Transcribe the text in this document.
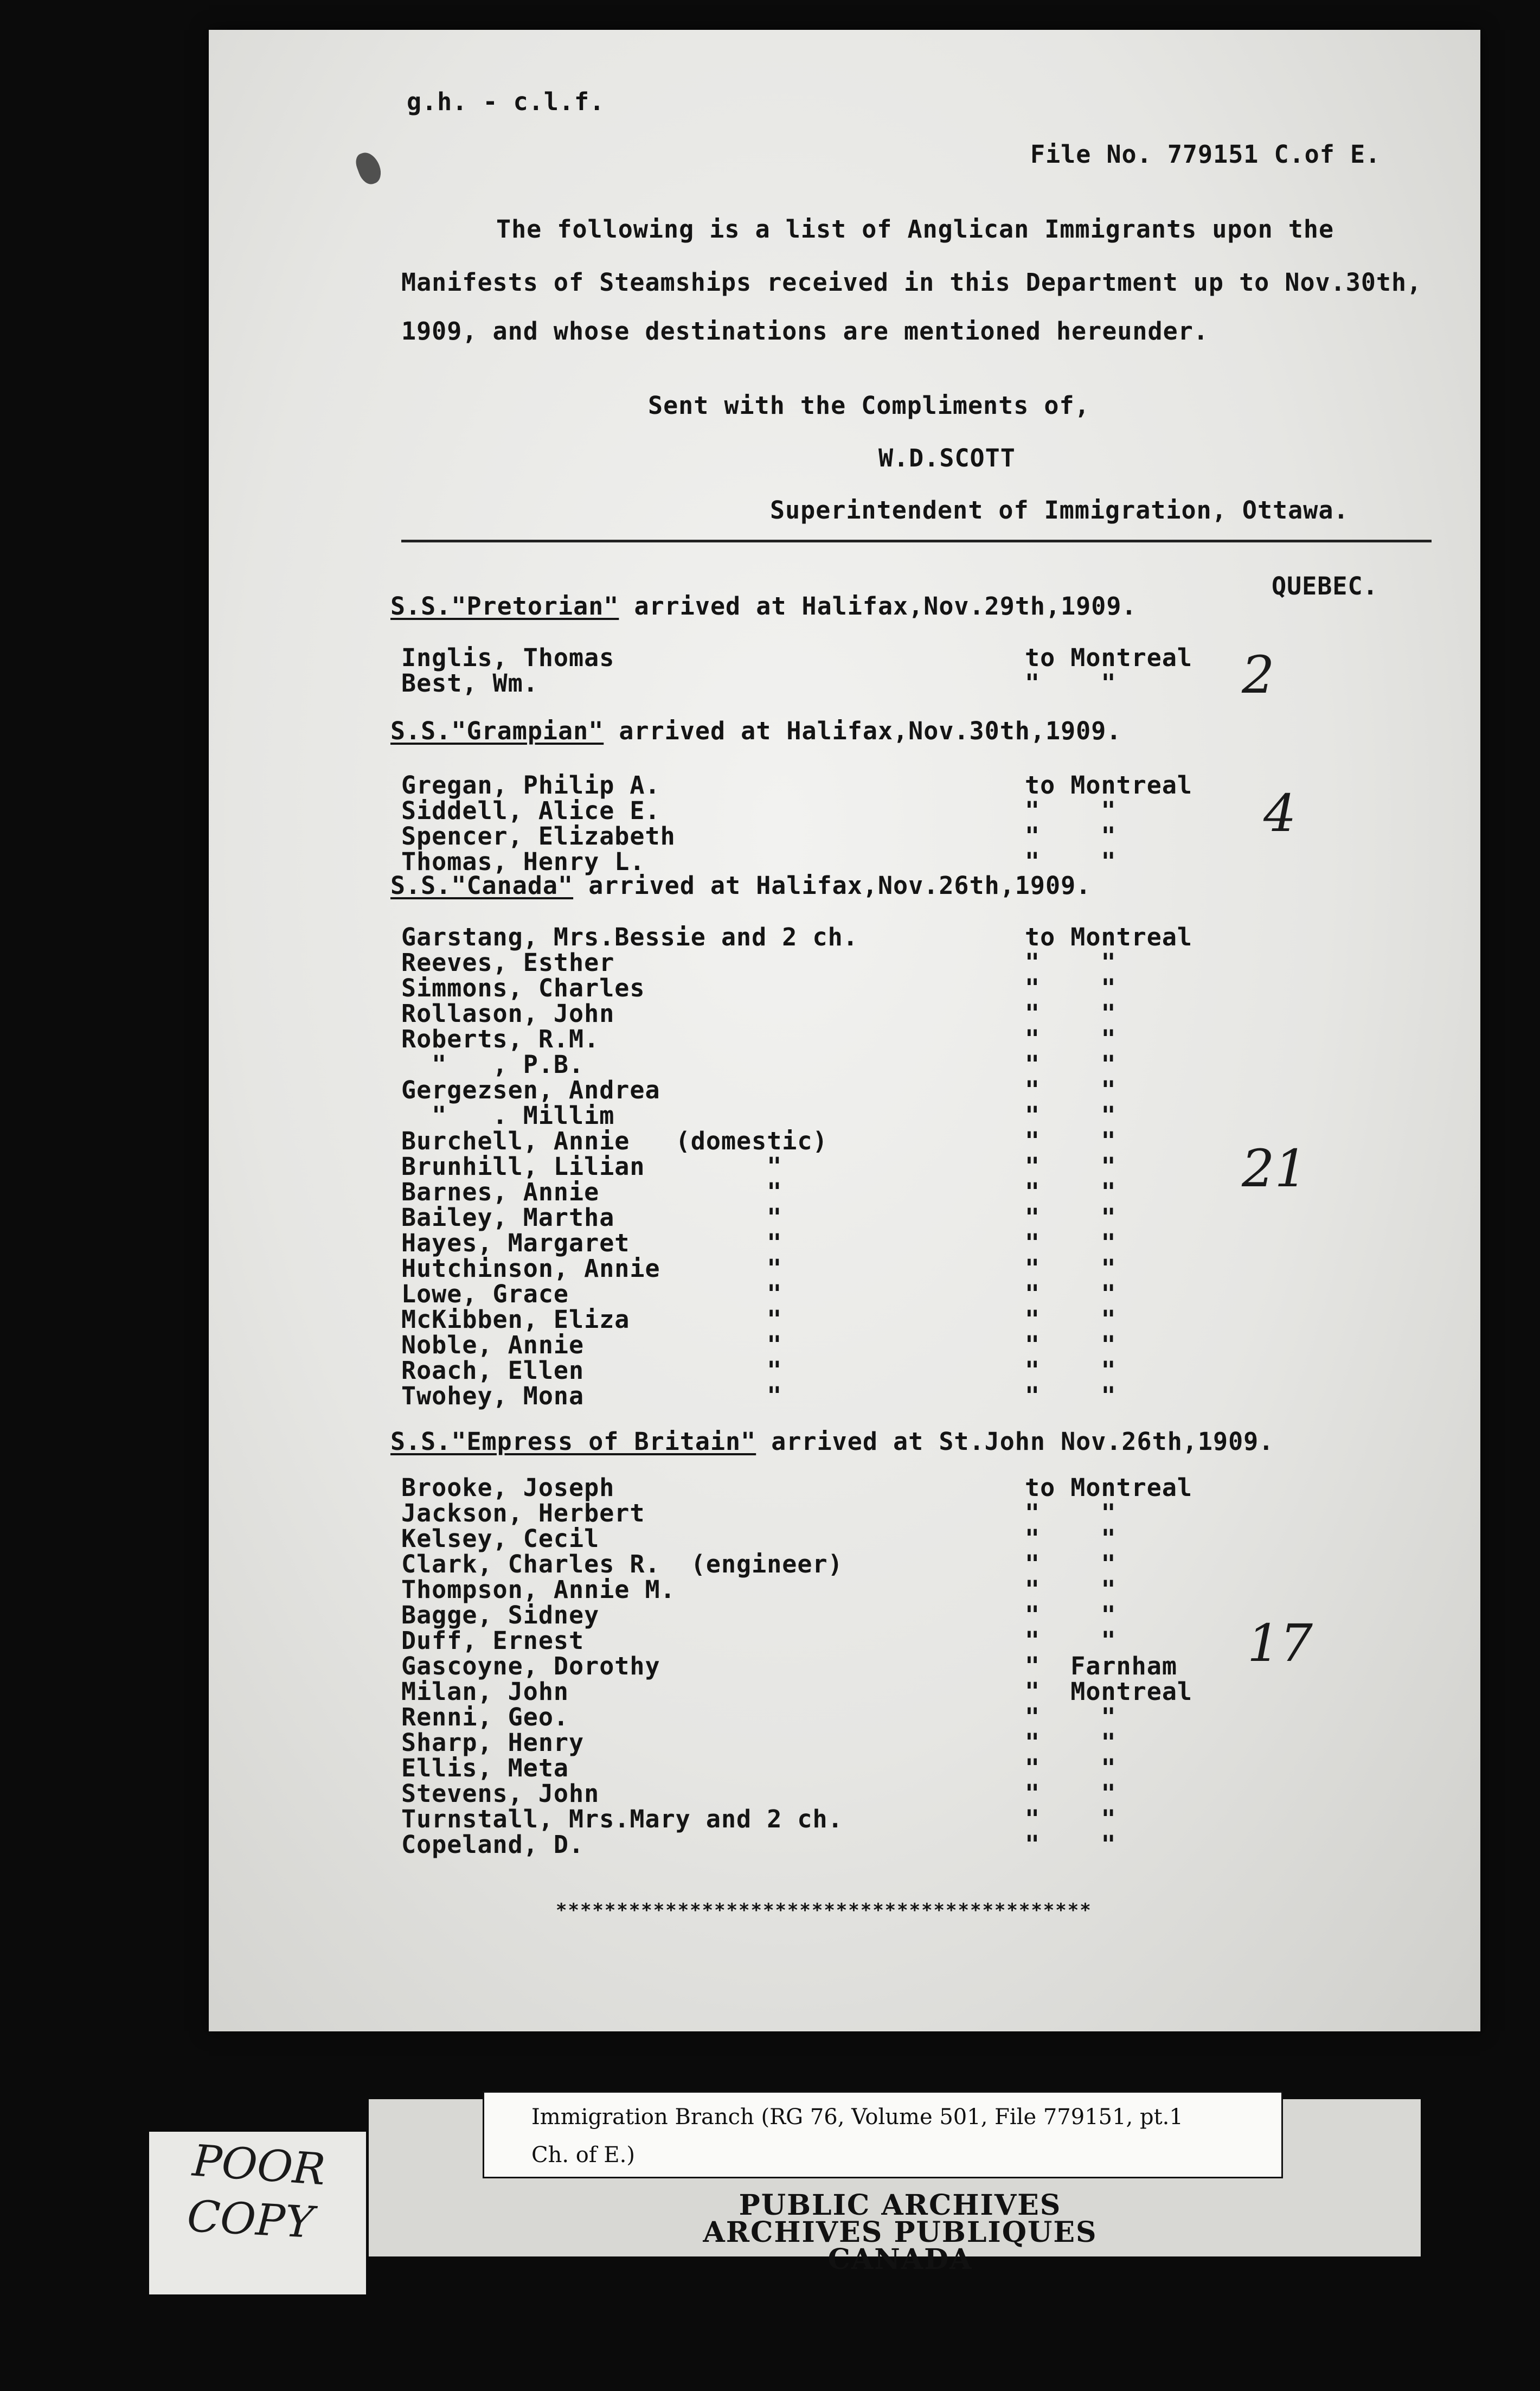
g.h. - c.l.f.
File No. 779151 C.of E.
The following is a list of Anglican Immigrants upon the
Manifests of Steamships received in this Department up to Nov.30th,
1909, and whose destinations are mentioned hereunder.
Sent with the Compliments of,
W.D.SCOTT
Superintendent of Immigration, Ottawa.
QUEBEC.
S.S."Pretorian" arrived at Halifax,Nov.29th,1909.
Inglis, Thomas
Best, Wm.
to Montreal
"    " 2
S.S."Grampian" arrived at Halifax,Nov.30th,1909.
Gregan, Philip A.
Siddell, Alice E.
Spencer, Elizabeth
Thomas, Henry L.
to Montreal
"    "
"    "
"    "
4
S.S."Canada" arrived at Halifax,Nov.26th,1909.
Garstang, Mrs.Bessie and 2 ch.
Reeves, Esther
Simmons, Charles
Rollason, John
Roberts, R.M.
"   , P.B.
Gergezsen, Andrea
"   . Millim
Burchell, Annie   (domestic)
Brunhill, Lilian        "
Barnes, Annie           "
Bailey, Martha          "
Hayes, Margaret         "
Hutchinson, Annie       "
Lowe, Grace             "
McKibben, Eliza         "
Noble, Annie            "
Roach, Ellen            "
Twohey, Mona            "
to Montreal
"    "
"    "
"    "
"    "
"    "
"    "
"    "
"    "
"    "
"    "
"    "
"    "
"    "
"    "
"    "
"    "
"    "
"    "
21
S.S."Empress of Britain" arrived at St.John Nov.26th,1909.
Brooke, Joseph
Jackson, Herbert
Kelsey, Cecil
Clark, Charles R.  (engineer)
Thompson, Annie M.
Bagge, Sidney
Duff, Ernest
Gascoyne, Dorothy
Milan, John
Renni, Geo.
Sharp, Henry
Ellis, Meta
Stevens, John
Turnstall, Mrs.Mary and 2 ch.
Copeland, D.
to Montreal
"    "
"    "
"    "
"    "
"    "
"    "
"  Farnham
"  Montreal
"    "
"    "
"    "
"    "
"    "
"    "
17
********************************************
POOR
COPY
Immigration Branch (RG 76, Volume 501, File 779151, pt.1
Ch. of E.)
PUBLIC ARCHIVES
ARCHIVES PUBLIQUES
CANADA
